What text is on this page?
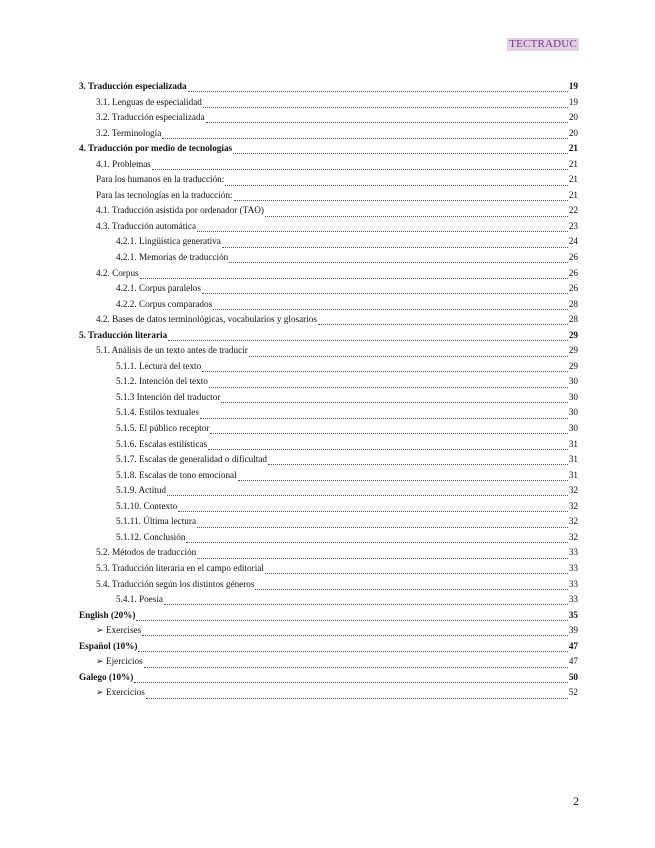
TECTRADUC
3. Traducción especializada	19
3.1. Lenguas de especialidad	19
3.2. Traducción especializada	20
3.2. Terminología	20
4. Traducción por medio de tecnologías	21
4.1. Problemas	21
Para los humanos en la traducción:	21
Para las tecnologías en la traducción:	21
4.1. Traducción asistida por ordenador (TAO)	22
4.3. Traducción automática	23
4.2.1. Lingüística generativa	24
4.2.1. Memorias de traducción	26
4.2. Corpus	26
4.2.1. Corpus paralelos	26
4.2.2. Corpus comparados	28
4.2. Bases de datos terminológicas, vocabularios y glosarios	28
5. Traducción literaria	29
5.1. Análisis de un texto antes de traducir	29
5.1.1. Lectura del texto	29
5.1.2. Intención del texto	30
5.1.3 Intención del traductor	30
5.1.4. Estilos textuales	30
5.1.5. El público receptor	30
5.1.6. Escalas estilísticas	31
5.1.7. Escalas de generalidad o dificultad	31
5.1.8. Escalas de tono emocional	31
5.1.9. Actitud	32
5.1.10. Contexto	32
5.1.11. Última lectura	32
5.1.12. Conclusión	32
5.2. Métodos de traducción	33
5.3. Traducción literaria en el campo editorial	33
5.4. Traducción según los distintos géneros	33
5.4.1. Poesía	33
English (20%)	35
➢ Exercises	39
Español (10%)	47
➢ Ejercicios	47
Galego (10%)	50
➢ Exercicios	52
2
